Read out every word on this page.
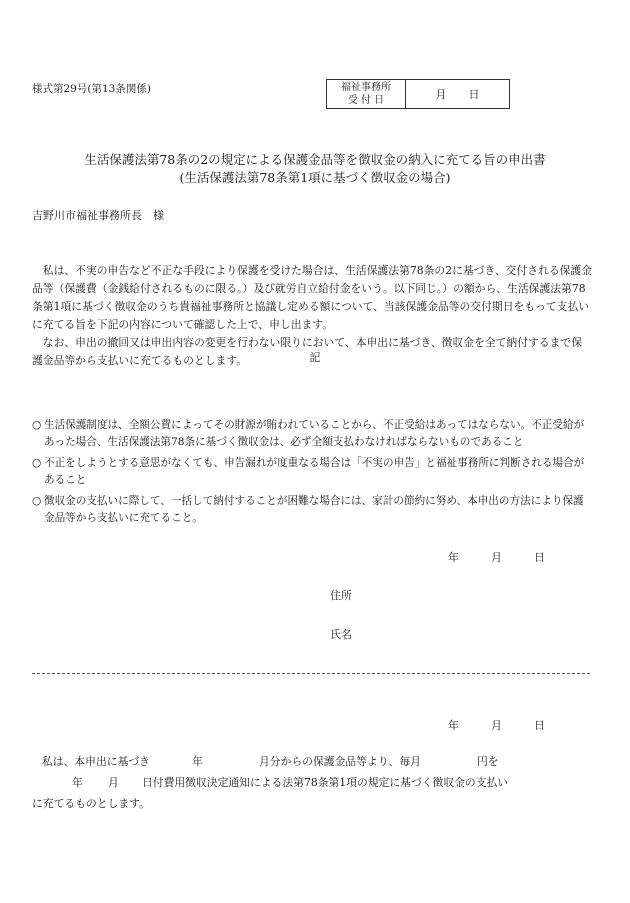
様式第29号(第13条関係)	福祉事務所
受 付 日	月 日
生活保護法第78条の2の規定による保護金品等を徴収金の納入に充てる旨の申出書
(生活保護法第78条第1項に基づく徴収金の場合)
吉野川市福祉事務所長　様

　私は、不実の申告など不正な手段により保護を受けた場合は、生活保護法第78条の2に基づき、交付される保護金品等（保護費（金銭給付されるものに限る。）及び就労自立給付金をいう。以下同じ。）の額から、生活保護法第78条第1項に基づく徴収金のうち貴福祉事務所と協議し定める額について、当該保護金品等の交付期日をもって支払いに充てる旨を下記の内容について確認した上で、申し出ます。

　なお、申出の撤回又は申出内容の変更を行わない限りにおいて、本申出に基づき、徴収金を全て納付するまで保護金品等から支払いに充てるものとします。	記
○ 生活保護制度は、全額公費によってその財源が賄われていることから、不正受給はあってはならない。不正受給があった場合、生活保護法第78条に基づく徴収金は、必ず全額支払わなければならないものであること
○ 不正をしようとする意思がなくても、申告漏れが度重なる場合は「不実の申告」と福祉事務所に判断される場合があること
○ 徴収金の支払いに際して、一括して納付することが困難な場合には、家計の節約に努め、本申出の方法により保護金品等から支払いに充てること。
年	月	日
住所
氏名
年	月	日
私は、本申出に基づき	年	月分からの保護金品等より、毎月	円を
年 月 日付費用徴収決定通知による法第78条第1項の規定に基づく徴収金の支払い
に充てるものとします。
